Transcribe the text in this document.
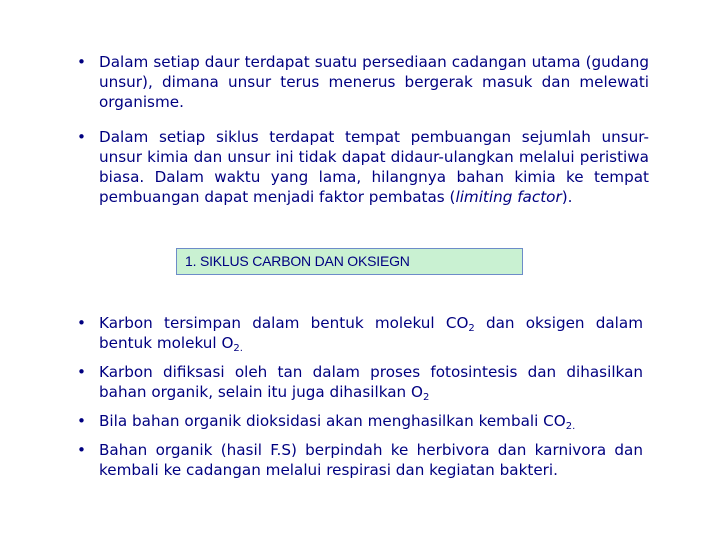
• Dalam setiap daur terdapat suatu persediaan cadangan utama (gudang unsur), dimana unsur terus menerus bergerak masuk dan melewati organisme.
• Dalam setiap siklus terdapat tempat pembuangan sejumlah unsur-unsur kimia dan unsur ini tidak dapat didaur-ulangkan melalui peristiwa biasa. Dalam waktu yang lama, hilangnya bahan kimia ke tempat pembuangan dapat menjadi faktor pembatas (limiting factor).
1. SIKLUS CARBON DAN OKSIEGN
• Karbon tersimpan dalam bentuk molekul $CO_2$ dan oksigen dalam bentuk molekul $O_{2.}$
• Karbon difiksasi oleh tan dalam proses fotosintesis dan dihasilkan bahan organik, selain itu juga dihasilkan $O_2$
• Bila bahan organik dioksidasi akan menghasilkan kembali $CO_{2.}$
• Bahan organik (hasil F.S) berpindah ke herbivora dan karnivora dan kembali ke cadangan melalui respirasi dan kegiatan bakteri.
